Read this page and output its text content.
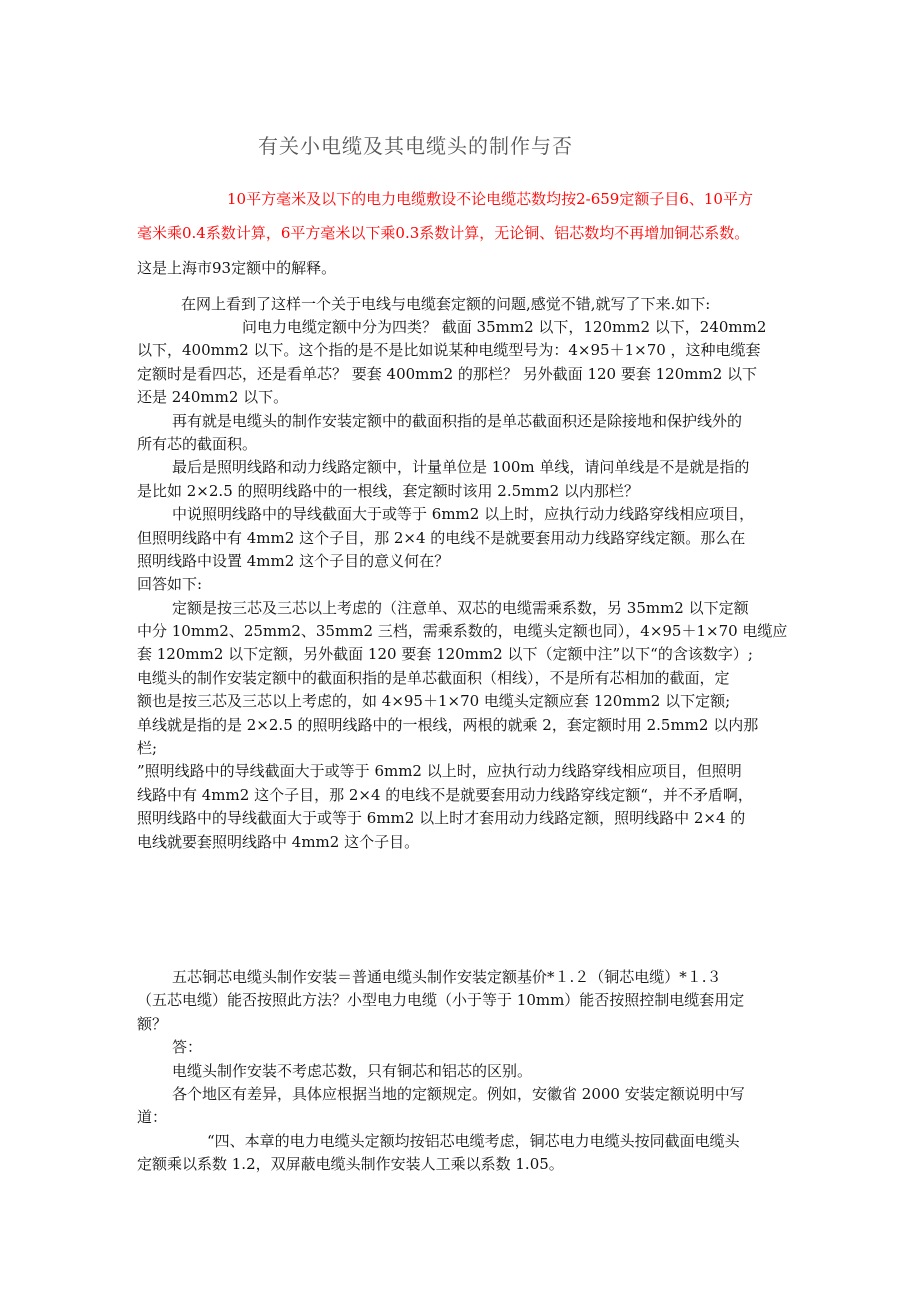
有关小电缆及其电缆头的制作与否
10平方毫米及以下的电力电缆敷设不论电缆芯数均按2-659定额子目6、10平方
毫米乘0.4系数计算，6平方毫米以下乘0.3系数计算，无论铜、铝芯数均不再增加铜芯系数。
这是上海市93定额中的解释。
在网上看到了这样一个关于电线与电缆套定额的问题,感觉不错,就写了下来.如下:
问电力电缆定额中分为四类？ 截面 35mm2 以下，120mm2 以下，240mm2
以下，400mm2 以下。这个指的是不是比如说某种电缆型号为：4×95＋1×70 ，这种电缆套
定额时是看四芯，还是看单芯？ 要套 400mm2 的那栏？ 另外截面 120 要套 120mm2 以下
还是 240mm2 以下。
再有就是电缆头的制作安装定额中的截面积指的是单芯截面积还是除接地和保护线外的
所有芯的截面积。
最后是照明线路和动力线路定额中，计量单位是 100m 单线，请问单线是不是就是指的
是比如 2×2.5 的照明线路中的一根线，套定额时该用 2.5mm2 以内那栏？
中说照明线路中的导线截面大于或等于 6mm2 以上时，应执行动力线路穿线相应项目，
但照明线路中有 4mm2 这个子目，那 2×4 的电线不是就要套用动力线路穿线定额。那么在
照明线路中设置 4mm2 这个子目的意义何在？
回答如下:
定额是按三芯及三芯以上考虑的（注意单、双芯的电缆需乘系数，另 35mm2 以下定额
中分 10mm2、25mm2、35mm2 三档，需乘系数的，电缆头定额也同），4×95＋1×70 电缆应
套 120mm2 以下定额，另外截面 120 要套 120mm2 以下（定额中注”以下“的含该数字）;
电缆头的制作安装定额中的截面积指的是单芯截面积（相线），不是所有芯相加的截面，定
额也是按三芯及三芯以上考虑的，如 4×95＋1×70 电缆头定额应套 120mm2 以下定额;
单线就是指的是 2×2.5 的照明线路中的一根线，两根的就乘 2，套定额时用 2.5mm2 以内那
栏;
”照明线路中的导线截面大于或等于 6mm2 以上时，应执行动力线路穿线相应项目，但照明
线路中有 4mm2 这个子目，那 2×4 的电线不是就要套用动力线路穿线定额“，并不矛盾啊，
照明线路中的导线截面大于或等于 6mm2 以上时才套用动力线路定额，照明线路中 2×4 的
电线就要套照明线路中 4mm2 这个子目。
五芯铜芯电缆头制作安装＝普通电缆头制作安装定额基价*１.２（铜芯电缆）*１.３
（五芯电缆）能否按照此方法？小型电力电缆（小于等于 10mm）能否按照控制电缆套用定
额？
答：
电缆头制作安装不考虑芯数，只有铜芯和铝芯的区别。
各个地区有差异，具体应根据当地的定额规定。例如，安徽省 2000 安装定额说明中写
道：
“四、本章的电力电缆头定额均按铝芯电缆考虑，铜芯电力电缆头按同截面电缆头
定额乘以系数 1.2，双屏蔽电缆头制作安装人工乘以系数 1.05。
